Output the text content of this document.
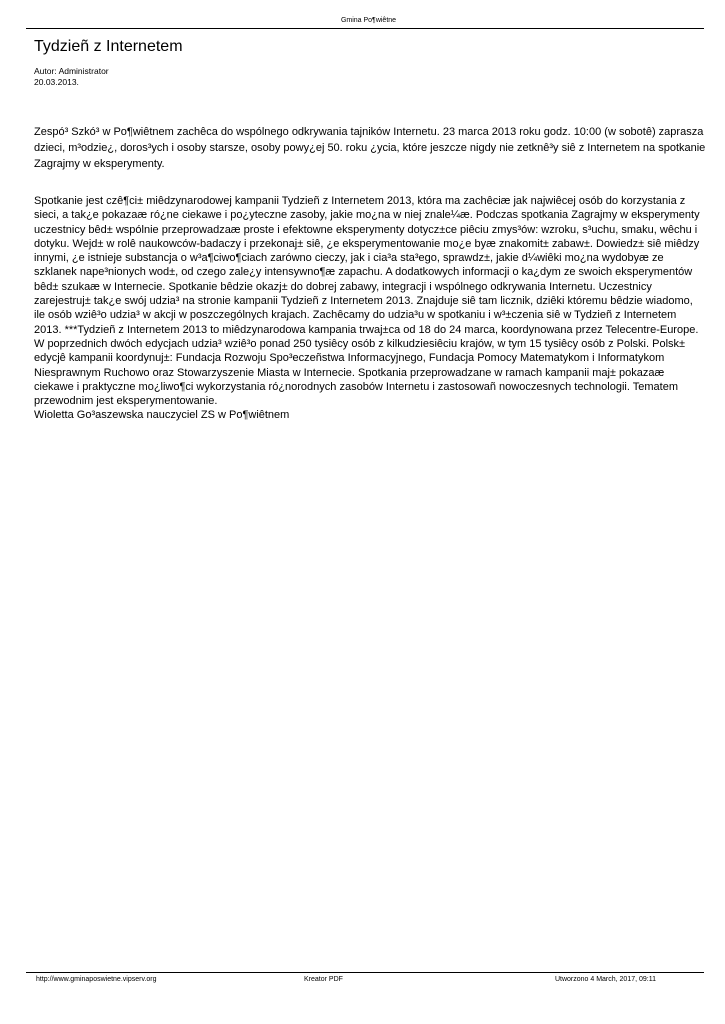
Gmina Po¶wiêtne
Tydzieñ z Internetem
Autor: Administrator
20.03.2013.

Zespó³ Szkó³ w Po¶wiêtnem zachêca do wspólnego odkrywania tajników Internetu. 23 marca 2013 roku godz. 10:00 (w sobotê) zaprasza dzieci, m³odzie¿, doros³ych i osoby starsze, osoby powy¿ej 50. roku ¿ycia, które jeszcze nigdy nie zetknê³y siê z Internetem na spotkanie Zagrajmy w eksperymenty.

Spotkanie jest czê¶ci± miêdzynarodowej kampanii Tydzieñ z Internetem 2013, która ma zachêciæ jak najwiêcej osób do korzystania z sieci, a tak¿e pokazaæ ró¿ne ciekawe i po¿yteczne zasoby, jakie mo¿na w niej znale¼æ. Podczas spotkania Zagrajmy w eksperymenty uczestnicy bêd± wspólnie przeprowadzaæ proste i efektowne eksperymenty dotycz±ce piêciu zmys³ów: wzroku, s³uchu, smaku, wêchu i dotyku. Wejd± w rolê naukowców-badaczy i przekonaj± siê, ¿e eksperymentowanie mo¿e byæ znakomit± zabaw±. Dowiedz± siê miêdzy innymi, ¿e istnieje substancja o w³a¶ciwo¶ciach zarówno cieczy, jak i cia³a sta³ego, sprawdz±, jakie d¼wiêki mo¿na wydobyæ ze szklanek nape³nionych wod±, od czego zale¿y intensywno¶æ zapachu. A dodatkowych informacji o ka¿dym ze swoich eksperymentów bêd± szukaæ w Internecie. Spotkanie bêdzie okazj± do dobrej zabawy, integracji i wspólnego odkrywania Internetu. Uczestnicy zarejestruj± tak¿e swój udzia³ na stronie kampanii Tydzieñ z Internetem 2013. Znajduje siê tam licznik, dziêki któremu bêdzie wiadomo, ile osób wziê³o udzia³ w akcji w poszczególnych krajach. Zachêcamy do udzia³u w spotkaniu i w³±czenia siê w Tydzieñ z Internetem 2013. ***Tydzieñ z Internetem 2013 to miêdzynarodowa kampania trwaj±ca od 18 do 24 marca, koordynowana przez Telecentre-Europe. W poprzednich dwóch edycjach udzia³ wziê³o ponad 250 tysiêcy osób z kilkudziesiêciu krajów, w tym 15 tysiêcy osób z Polski. Polsk± edycjê kampanii koordynuj±: Fundacja Rozwoju Spo³eczeñstwa Informacyjnego, Fundacja Pomocy Matematykom i Informatykom Niesprawnym Ruchowo oraz Stowarzyszenie Miasta w Internecie. Spotkania przeprowadzane w ramach kampanii maj± pokazaæ ciekawe i praktyczne mo¿liwo¶ci wykorzystania ró¿norodnych zasobów Internetu i zastosowañ nowoczesnych technologii. Tematem przewodnim jest eksperymentowanie.

Wioletta Go³aszewska nauczyciel ZS w Po¶wiêtnem
http://www.gminaposwietne.vipserv.org	Kreator PDF	Utworzono 4 March, 2017, 09:11
